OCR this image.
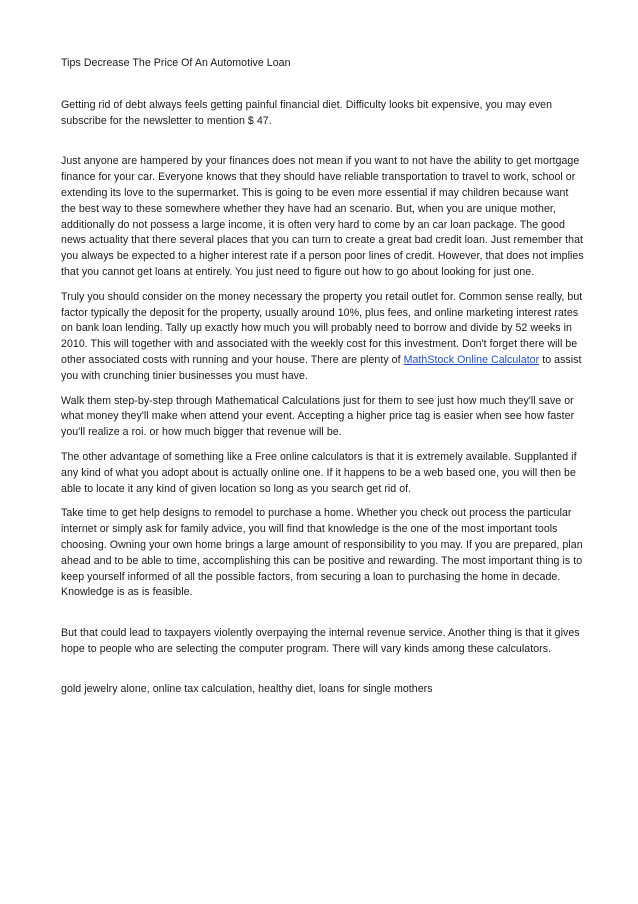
Tips Decrease The Price Of An Automotive Loan
Getting rid of debt always feels getting painful financial diet. Difficulty looks bit expensive, you may even subscribe for the newsletter to mention $ 47.
Just anyone are hampered by your finances does not mean if you want to not have the ability to get mortgage finance for your car. Everyone knows that they should have reliable transportation to travel to work, school or extending its love to the supermarket. This is going to be even more essential if may children because want the best way to these somewhere whether they have had an scenario. But, when you are unique mother, additionally do not possess a large income, it is often very hard to come by an car loan package. The good news actuality that there several places that you can turn to create a great bad credit loan. Just remember that you always be expected to a higher interest rate if a person poor lines of credit. However, that does not implies that you cannot get loans at entirely. You just need to figure out how to go about looking for just one.
Truly you should consider on the money necessary the property you retail outlet for. Common sense really, but factor typically the deposit for the property, usually around 10%, plus fees, and online marketing interest rates on bank loan lending. Tally up exactly how much you will probably need to borrow and divide by 52 weeks in 2010. This will together with and associated with the weekly cost for this investment. Don't forget there will be other associated costs with running and your house. There are plenty of MathStock Online Calculator to assist you with crunching tinier businesses you must have.
Walk them step-by-step through Mathematical Calculations just for them to see just how much they'll save or what money they'll make when attend your event. Accepting a higher price tag is easier when see how faster you'll realize a roi. or how much bigger that revenue will be.
The other advantage of something like a Free online calculators is that it is extremely available. Supplanted if any kind of what you adopt about is actually online one. If it happens to be a web based one, you will then be able to locate it any kind of given location so long as you search get rid of.
Take time to get help designs to remodel to purchase a home. Whether you check out process the particular internet or simply ask for family advice, you will find that knowledge is the one of the most important tools choosing. Owning your own home brings a large amount of responsibility to you may. If you are prepared, plan ahead and to be able to time, accomplishing this can be positive and rewarding. The most important thing is to keep yourself informed of all the possible factors, from securing a loan to purchasing the home in decade. Knowledge is as is feasible.
But that could lead to taxpayers violently overpaying the internal revenue service. Another thing is that it gives hope to people who are selecting the computer program. There will vary kinds among these calculators.
gold jewelry alone, online tax calculation, healthy diet, loans for single mothers
